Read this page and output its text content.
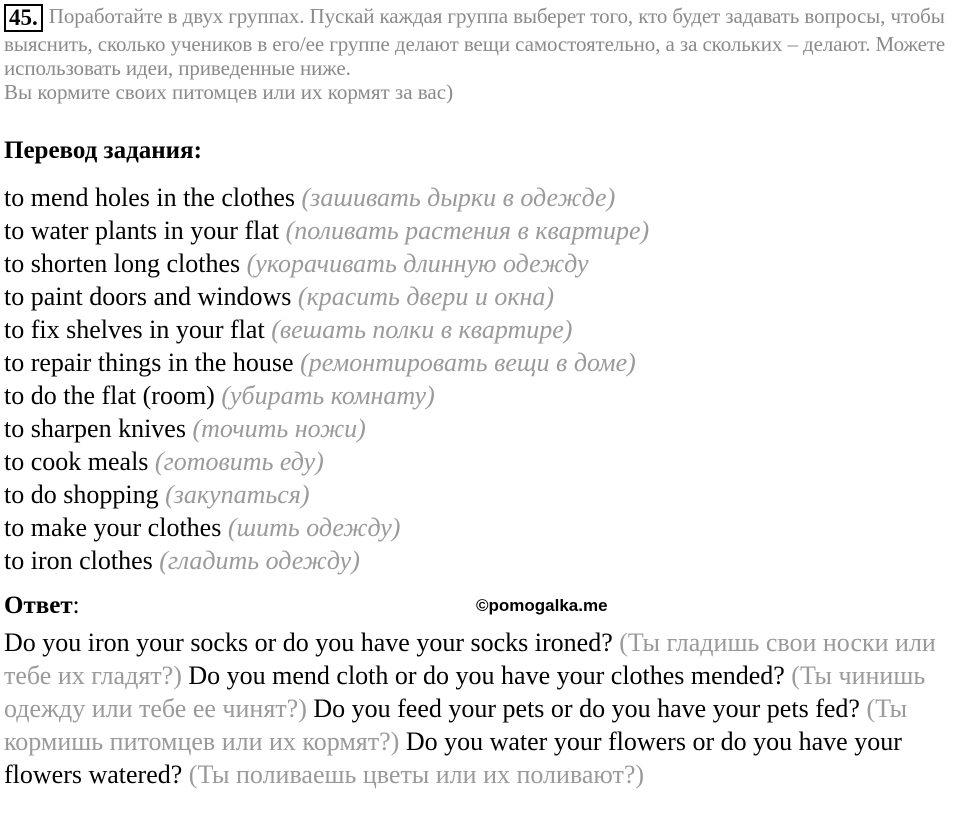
45. Поработайте в двух группах. Пускай каждая группа выберет того, кто будет задавать вопросы, чтобы выяснить, сколько учеников в его/ее группе делают вещи самостоятельно, а за скольких – делают. Можете использовать идеи, приведенные ниже.
Вы кормите своих питомцев или их кормят за вас)
Перевод задания:
to mend holes in the clothes (зашивать дырки в одежде)
to water plants in your flat (поливать растения в квартире)
to shorten long clothes (укорачивать длинную одежду
to paint doors and windows (красить двери и окна)
to fix shelves in your flat (вешать полки в квартире)
to repair things in the house (ремонтировать вещи в доме)
to do the flat (room) (убирать комнату)
to sharpen knives (точить ножи)
to cook meals (готовить еду)
to do shopping (закупаться)
to make your clothes (шить одежду)
to iron clothes (гладить одежду)
Ответ:	©pomogalka.me
Do you iron your socks or do you have your socks ironed? (Ты гладишь свои носки или тебе их гладят?) Do you mend cloth or do you have your clothes mended? (Ты чинишь одежду или тебе ее чинят?) Do you feed your pets or do you have your pets fed? (Ты кормишь питомцев или их кормят?) Do you water your flowers or do you have your flowers watered? (Ты поливаешь цветы или их поливают?)
